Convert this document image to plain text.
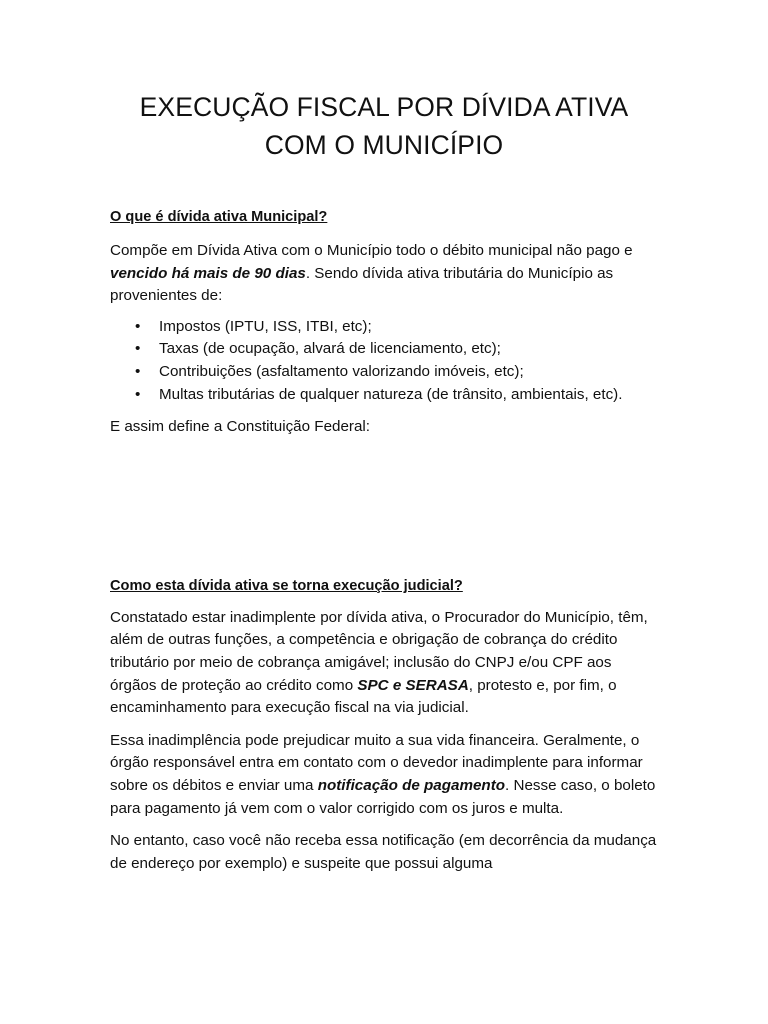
EXECUÇÃO FISCAL POR DÍVIDA ATIVA COM O MUNICÍPIO
O que é dívida ativa Municipal?

Compõe em Dívida Ativa com o Município todo o débito municipal não pago e vencido há mais de 90 dias. Sendo dívida ativa tributária do Município as provenientes de:

• Impostos (IPTU, ISS, ITBI, etc);
• Taxas (de ocupação, alvará de licenciamento, etc);
• Contribuições (asfaltamento valorizando imóveis, etc);
• Multas tributárias de qualquer natureza (de trânsito, ambientais, etc).

E assim define a Constituição Federal:

Como esta dívida ativa se torna execução judicial?

Constatado estar inadimplente por dívida ativa, o Procurador do Município, têm, além de outras funções, a competência e obrigação de cobrança do crédito tributário por meio de cobrança amigável; inclusão do CNPJ e/ou CPF aos órgãos de proteção ao crédito como SPC e SERASA, protesto e, por fim, o encaminhamento para execução fiscal na via judicial.

Essa inadimplência pode prejudicar muito a sua vida financeira. Geralmente, o órgão responsável entra em contato com o devedor inadimplente para informar sobre os débitos e enviar uma notificação de pagamento. Nesse caso, o boleto para pagamento já vem com o valor corrigido com os juros e multa.

No entanto, caso você não receba essa notificação (em decorrência da mudança de endereço por exemplo) e suspeite que possui alguma
